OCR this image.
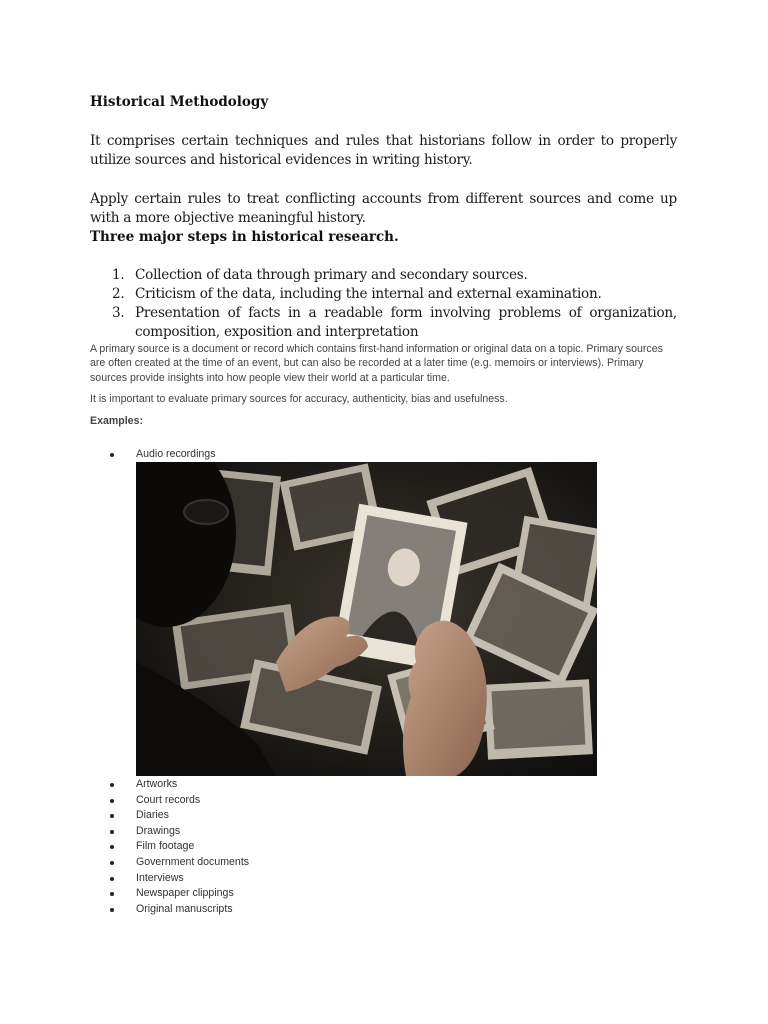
Historical Methodology
It comprises certain techniques and rules that historians follow in order to properly utilize sources and historical evidences in writing history.
Apply certain rules to treat conflicting accounts from different sources and come up with a more objective meaningful history.
Three major steps in historical research.
1. Collection of data through primary and secondary sources.
2. Criticism of the data, including the internal and external examination.
3. Presentation of facts in a readable form involving problems of organization, composition, exposition and interpretation
A primary source is a document or record which contains first-hand information or original data on a topic. Primary sources are often created at the time of an event, but can also be recorded at a later time (e.g. memoirs or interviews). Primary sources provide insights into how people view their world at a particular time.
It is important to evaluate primary sources for accuracy, authenticity, bias and usefulness.
Examples:
Audio recordings
Artworks
Court records
Diaries
Drawings
Film footage
Government documents
Interviews
Newspaper clippings
Original manuscripts
